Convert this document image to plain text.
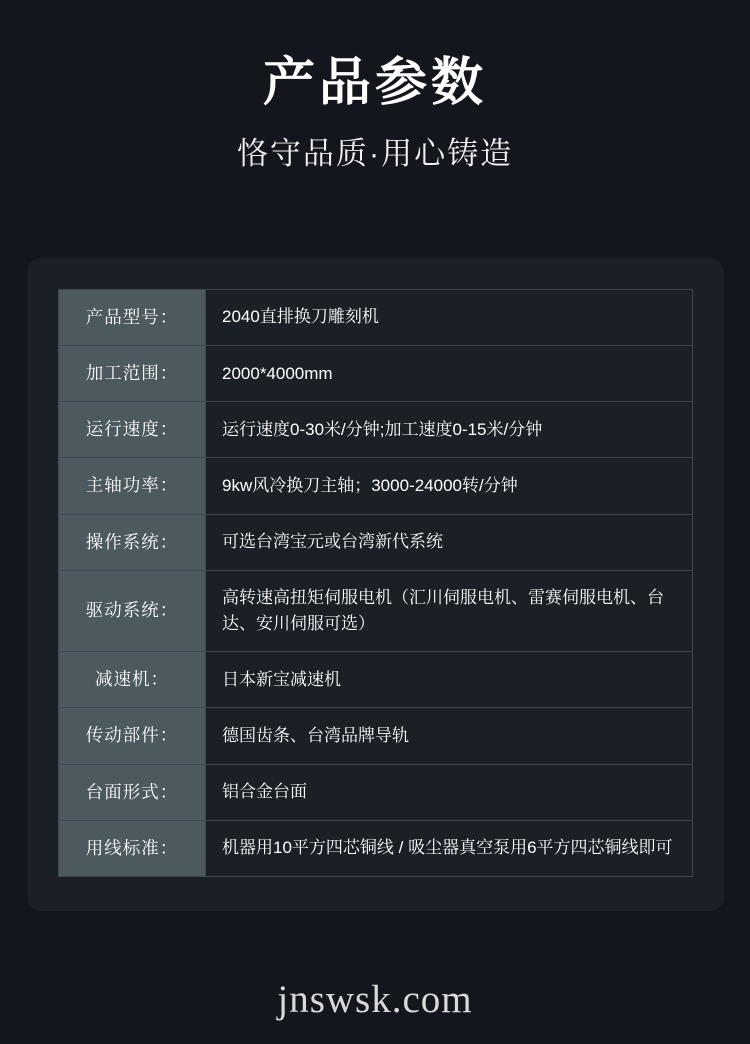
产品参数
恪守品质·用心铸造
产品型号：	2040直排换刀雕刻机
加工范围：	2000*4000mm
运行速度：	运行速度0-30米/分钟;加工速度0-15米/分钟
主轴功率：	9kw风冷换刀主轴；3000-24000转/分钟
操作系统：	可选台湾宝元或台湾新代系统
驱动系统：	高转速高扭矩伺服电机（汇川伺服电机、雷赛伺服电机、台达、安川伺服可选）
减速机：	日本新宝减速机
传动部件：	德国齿条、台湾品牌导轨
台面形式：	铝合金台面
用线标准：	机器用10平方四芯铜线 / 吸尘器真空泵用6平方四芯铜线即可
jnswsk.com
